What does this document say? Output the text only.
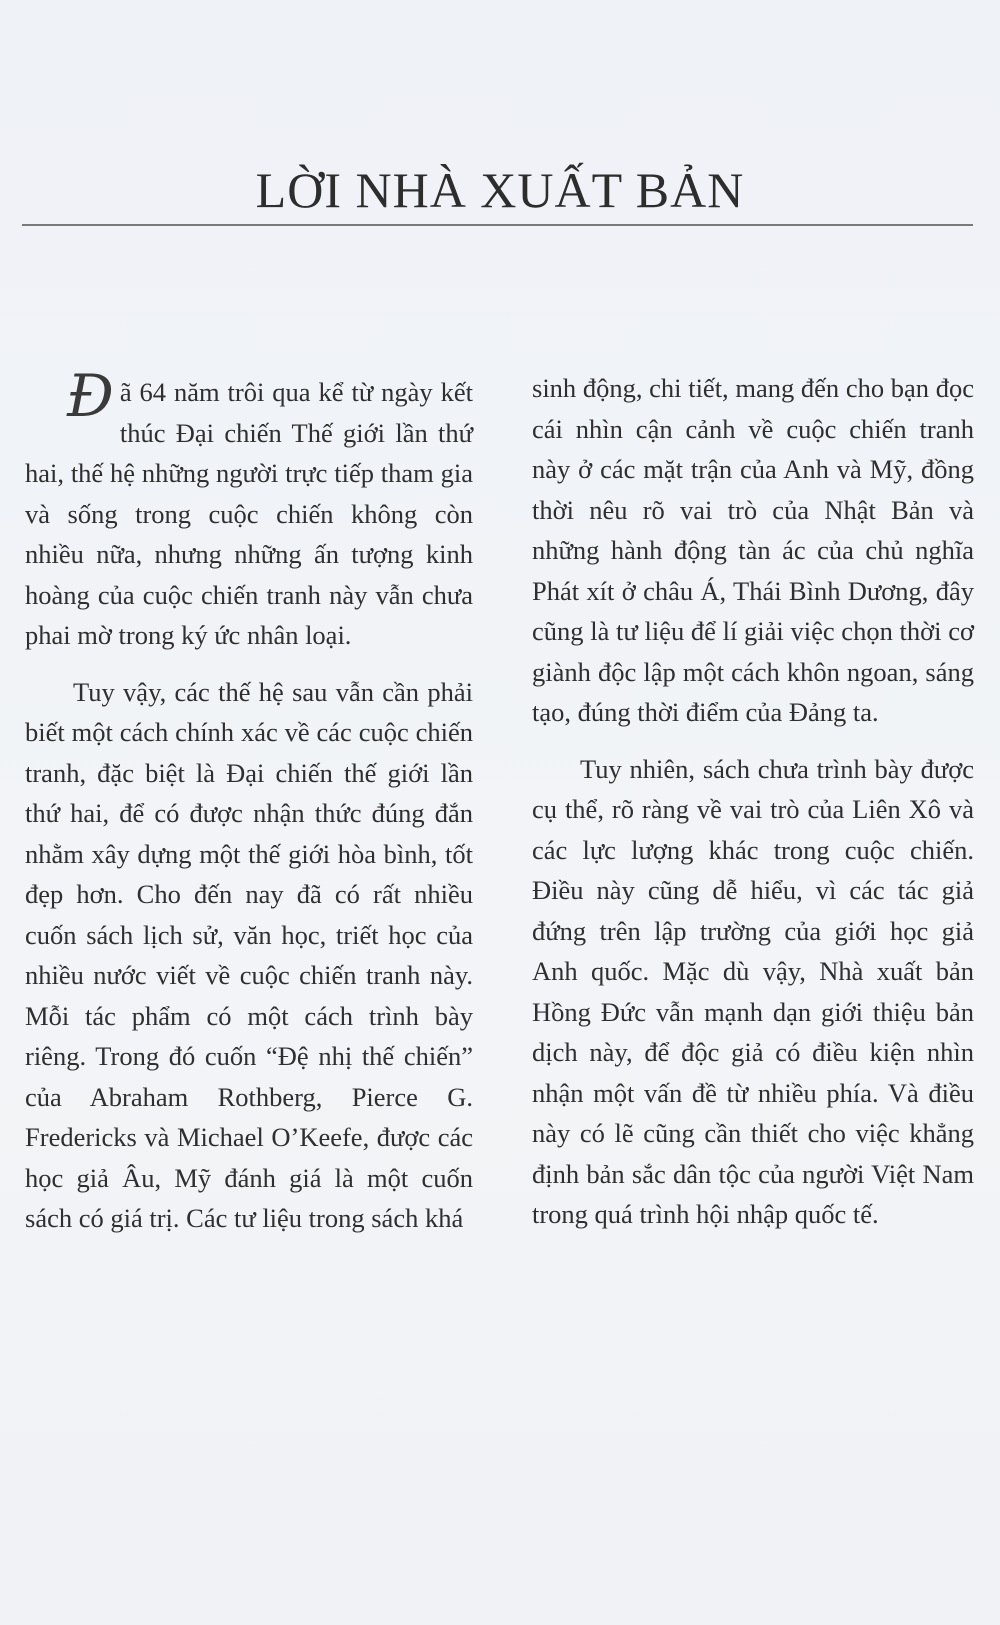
LỜI NHÀ XUẤT BẢN

Đã 64 năm trôi qua kể từ ngày kết thúc Đại chiến Thế giới lần thứ hai, thế hệ những người trực tiếp tham gia và sống trong cuộc chiến không còn nhiều nữa, nhưng những ấn tượng kinh hoàng của cuộc chiến tranh này vẫn chưa phai mờ trong ký ức nhân loại.

Tuy vậy, các thế hệ sau vẫn cần phải biết một cách chính xác về các cuộc chiến tranh, đặc biệt là Đại chiến thế giới lần thứ hai, để có được nhận thức đúng đắn nhằm xây dựng một thế giới hòa bình, tốt đẹp hơn. Cho đến nay đã có rất nhiều cuốn sách lịch sử, văn học, triết học của nhiều nước viết về cuộc chiến tranh này. Mỗi tác phẩm có một cách trình bày riêng. Trong đó cuốn “Đệ nhị thế chiến” của Abraham Rothberg, Pierce G. Fredericks và Michael O’Keefe, được các học giả Âu, Mỹ đánh giá là một cuốn sách có giá trị. Các tư liệu trong sách khá

sinh động, chi tiết, mang đến cho bạn đọc cái nhìn cận cảnh về cuộc chiến tranh này ở các mặt trận của Anh và Mỹ, đồng thời nêu rõ vai trò của Nhật Bản và những hành động tàn ác của chủ nghĩa Phát xít ở châu Á, Thái Bình Dương, đây cũng là tư liệu để lí giải việc chọn thời cơ giành độc lập một cách khôn ngoan, sáng tạo, đúng thời điểm của Đảng ta.

Tuy nhiên, sách chưa trình bày được cụ thể, rõ ràng về vai trò của Liên Xô và các lực lượng khác trong cuộc chiến. Điều này cũng dễ hiểu, vì các tác giả đứng trên lập trường của giới học giả Anh quốc. Mặc dù vậy, Nhà xuất bản Hồng Đức vẫn mạnh dạn giới thiệu bản dịch này, để độc giả có điều kiện nhìn nhận một vấn đề từ nhiều phía. Và điều này có lẽ cũng cần thiết cho việc khẳng định bản sắc dân tộc của người Việt Nam trong quá trình hội nhập quốc tế.
